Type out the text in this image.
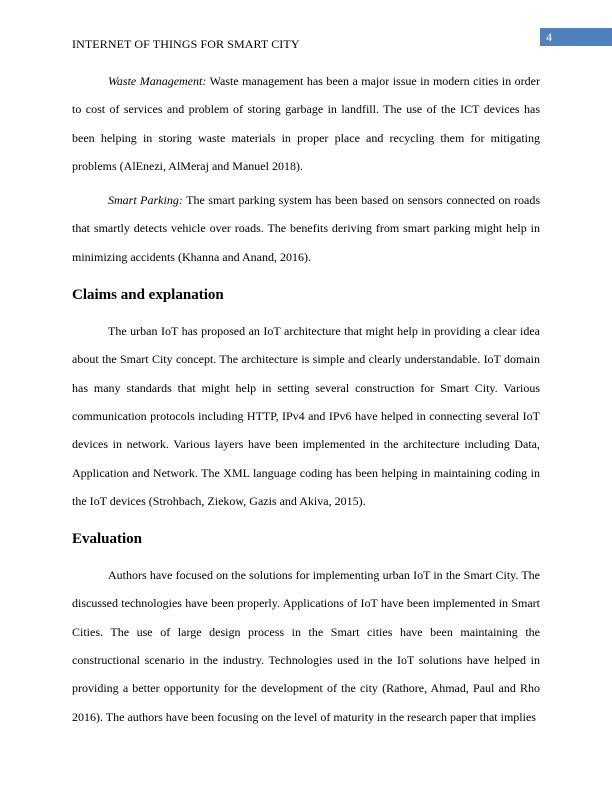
4
INTERNET OF THINGS FOR SMART CITY

Waste Management: Waste management has been a major issue in modern cities in order to cost of services and problem of storing garbage in landfill. The use of the ICT devices has been helping in storing waste materials in proper place and recycling them for mitigating problems (AlEnezi, AlMeraj and Manuel 2018).

Smart Parking: The smart parking system has been based on sensors connected on roads that smartly detects vehicle over roads. The benefits deriving from smart parking might help in minimizing accidents (Khanna and Anand, 2016).

Claims and explanation

The urban IoT has proposed an IoT architecture that might help in providing a clear idea about the Smart City concept. The architecture is simple and clearly understandable. IoT domain has many standards that might help in setting several construction for Smart City. Various communication protocols including HTTP, IPv4 and IPv6 have helped in connecting several IoT devices in network. Various layers have been implemented in the architecture including Data, Application and Network. The XML language coding has been helping in maintaining coding in the IoT devices (Strohbach, Ziekow, Gazis and Akiva, 2015).

Evaluation

Authors have focused on the solutions for implementing urban IoT in the Smart City. The discussed technologies have been properly. Applications of IoT have been implemented in Smart Cities. The use of large design process in the Smart cities have been maintaining the constructional scenario in the industry. Technologies used in the IoT solutions have helped in providing a better opportunity for the development of the city (Rathore, Ahmad, Paul and Rho 2016). The authors have been focusing on the level of maturity in the research paper that implies
